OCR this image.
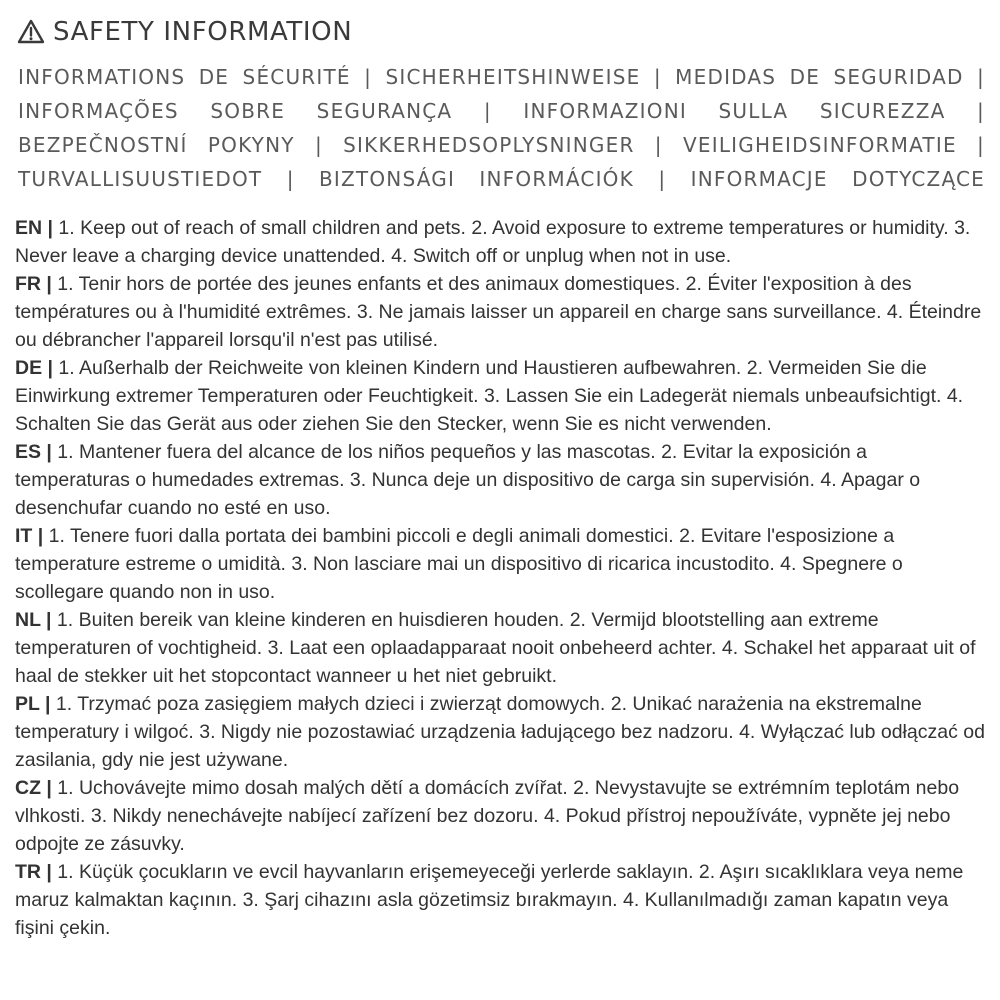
SAFETY INFORMATION
INFORMATIONS DE SÉCURITÉ | SICHERHEITSHINWEISE | MEDIDAS DE SEGURIDAD |
INFORMAÇÕES SOBRE SEGURANÇA | INFORMAZIONI SULLA SICUREZZA |
BEZPEČNOSTNÍ POKYNY | SIKKERHEDSOPLYSNINGER | VEILIGHEIDSINFORMATIE |
TURVALLISUUSTIEDOT | BIZTONSÁGI INFORMÁCIÓK | INFORMACJE DOTYCZĄCE

EN | 1. Keep out of reach of small children and pets. 2. Avoid exposure to extreme temperatures or humidity. 3. Never leave a charging device unattended. 4. Switch off or unplug when not in use.

FR | 1. Tenir hors de portée des jeunes enfants et des animaux domestiques. 2. Éviter l'exposition à des températures ou à l'humidité extrêmes. 3. Ne jamais laisser un appareil en charge sans surveillance. 4. Éteindre ou débrancher l'appareil lorsqu'il n'est pas utilisé.

DE | 1. Außerhalb der Reichweite von kleinen Kindern und Haustieren aufbewahren. 2. Vermeiden Sie die Einwirkung extremer Temperaturen oder Feuchtigkeit. 3. Lassen Sie ein Ladegerät niemals unbeaufsichtigt. 4. Schalten Sie das Gerät aus oder ziehen Sie den Stecker, wenn Sie es nicht verwenden.

ES | 1. Mantener fuera del alcance de los niños pequeños y las mascotas. 2. Evitar la exposición a temperaturas o humedades extremas. 3. Nunca deje un dispositivo de carga sin supervisión. 4. Apagar o desenchufar cuando no esté en uso.

IT | 1. Tenere fuori dalla portata dei bambini piccoli e degli animali domestici. 2. Evitare l'esposizione a temperature estreme o umidità. 3. Non lasciare mai un dispositivo di ricarica incustodito. 4. Spegnere o scollegare quando non in uso.

NL | 1. Buiten bereik van kleine kinderen en huisdieren houden. 2. Vermijd blootstelling aan extreme temperaturen of vochtigheid. 3. Laat een oplaadapparaat nooit onbeheerd achter. 4. Schakel het apparaat uit of haal de stekker uit het stopcontact wanneer u het niet gebruikt.

PL | 1. Trzymać poza zasięgiem małych dzieci i zwierząt domowych. 2. Unikać narażenia na ekstremalne temperatury i wilgoć. 3. Nigdy nie pozostawiać urządzenia ładującego bez nadzoru. 4. Wyłączać lub odłączać od zasilania, gdy nie jest używane.

CZ | 1. Uchovávejte mimo dosah malých dětí a domácích zvířat. 2. Nevystavujte se extrémním teplotám nebo vlhkosti. 3. Nikdy nenechávejte nabíjecí zařízení bez dozoru. 4. Pokud přístroj nepoužíváte, vypněte jej nebo odpojte ze zásuvky.

TR | 1. Küçük çocukların ve evcil hayvanların erişemeyeceği yerlerde saklayın. 2. Aşırı sıcaklıklara veya neme maruz kalmaktan kaçının. 3. Şarj cihazını asla gözetimsiz bırakmayın. 4. Kullanılmadığı zaman kapatın veya fişini çekin.
